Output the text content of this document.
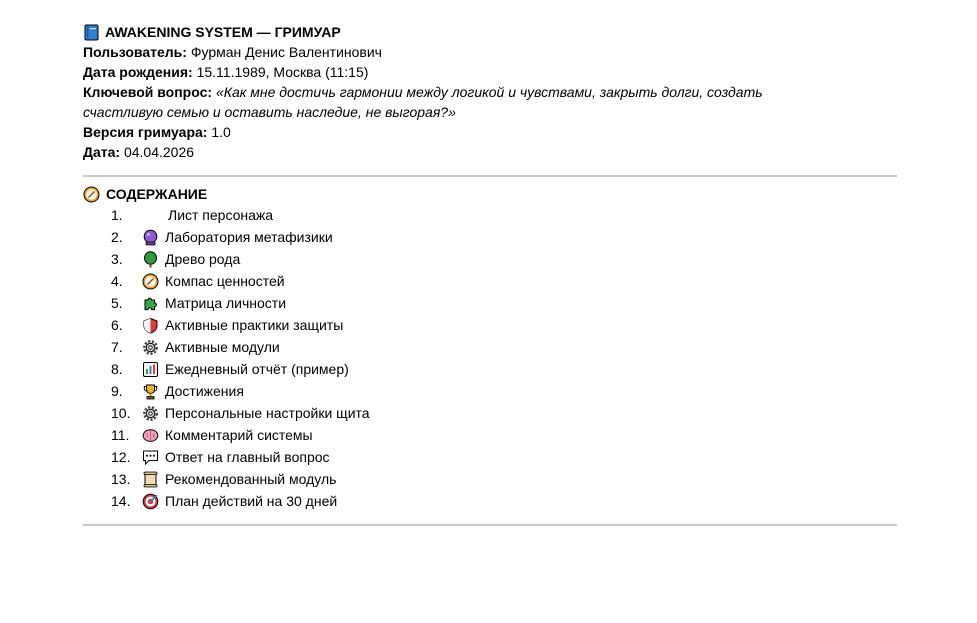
AWAKENING SYSTEM — ГРИМУАР
Пользователь: Фурман Денис Валентинович
Дата рождения: 15.11.1989, Москва (11:15)
Ключевой вопрос: «Как мне достичь гармонии между логикой и чувствами, закрыть долги, создать счастливую семью и оставить наследие, не выгорая?»
Версия гримуара: 1.0
Дата: 04.04.2026
СОДЕРЖАНИЕ
1.	Лист персонажа
2.	Лаборатория метафизики
3.	Древо рода
4.	Компас ценностей
5.	Матрица личности
6.	Активные практики защиты
7.	Активные модули
8.	Ежедневный отчёт (пример)
9.	Достижения
10.	Персональные настройки щита
11.	Комментарий системы
12.	Ответ на главный вопрос
13.	Рекомендованный модуль
14.	План действий на 30 дней
